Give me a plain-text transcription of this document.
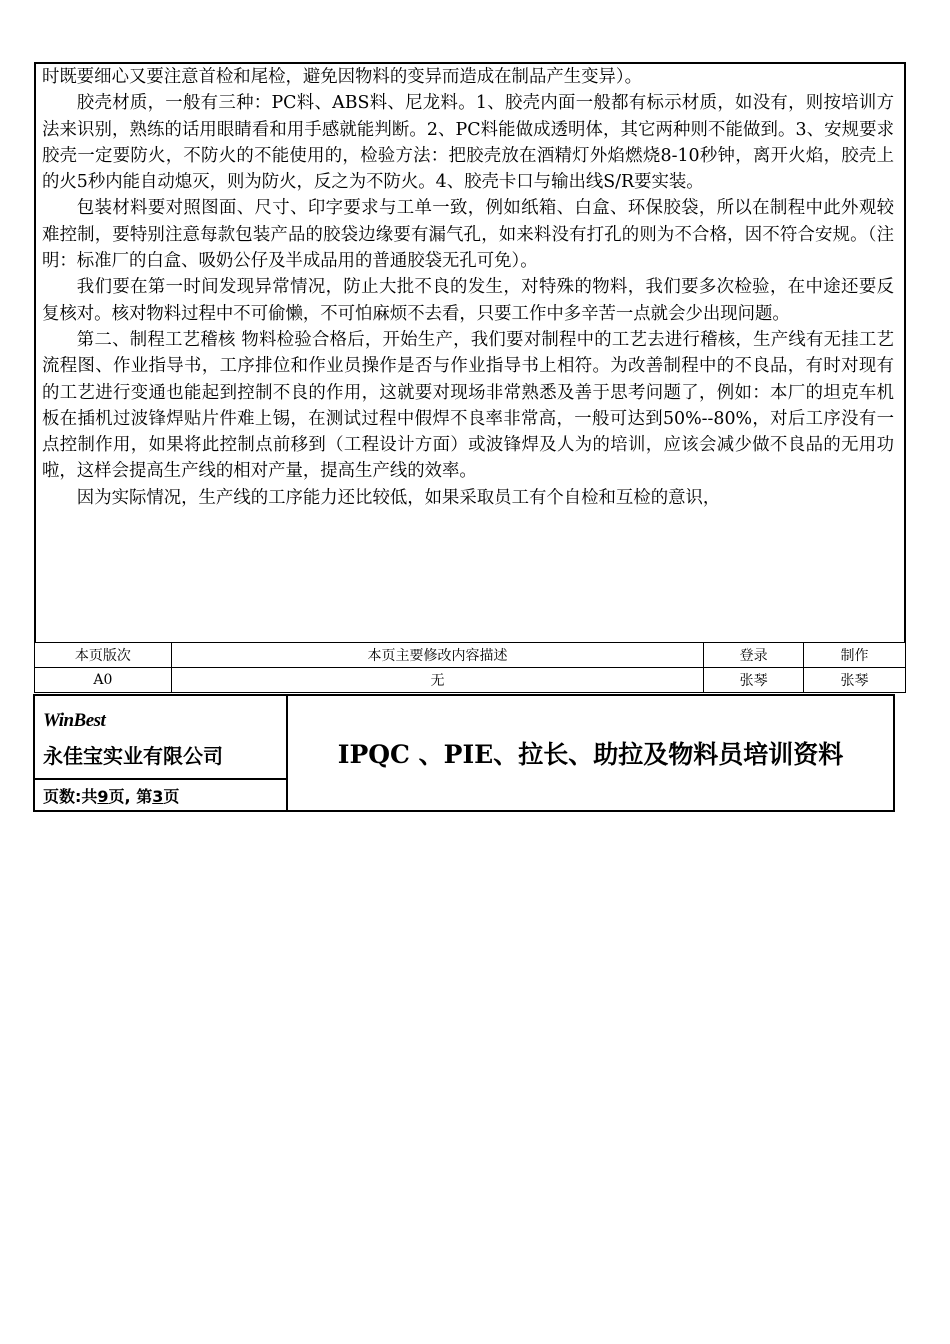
时既要细心又要注意首检和尾检，避免因物料的变异而造成在制品产生变异）。

胶壳材质，一般有三种：PC料、ABS料、尼龙料。1、胶壳内面一般都有标示材质，如没有，则按培训方法来识别，熟练的话用眼睛看和用手感就能判断。2、PC料能做成透明体，其它两种则不能做到。3、安规要求胶壳一定要防火，不防火的不能使用的，检验方法：把胶壳放在酒精灯外焰燃烧8-10秒钟，离开火焰，胶壳上的火5秒内能自动熄灭，则为防火，反之为不防火。4、胶壳卡口与输出线S/R要实装。

包装材料要对照图面、尺寸、印字要求与工单一致，例如纸箱、白盒、环保胶袋，所以在制程中此外观较难控制，要特别注意每款包装产品的胶袋边缘要有漏气孔，如来料没有打孔的则为不合格，因不符合安规。（注明：标准厂的白盒、吸奶公仔及半成品用的普通胶袋无孔可免）。

我们要在第一时间发现异常情况，防止大批不良的发生，对特殊的物料，我们要多次检验，在中途还要反复核对。核对物料过程中不可偷懒，不可怕麻烦不去看，只要工作中多辛苦一点就会少出现问题。

第二、制程工艺稽核 物料检验合格后，开始生产，我们要对制程中的工艺去进行稽核，生产线有无挂工艺流程图、作业指导书，工序排位和作业员操作是否与作业指导书上相符。为改善制程中的不良品，有时对现有的工艺进行变通也能起到控制不良的作用，这就要对现场非常熟悉及善于思考问题了，例如：本厂的坦克车机板在插机过波锋焊贴片件难上锡，在测试过程中假焊不良率非常高，一般可达到50%--80%，对后工序没有一点控制作用，如果将此控制点前移到（工程设计方面）或波锋焊及人为的培训，应该会减少做不良品的无用功啦，这样会提高生产线的相对产量，提高生产线的效率。

因为实际情况，生产线的工序能力还比较低，如果采取员工有个自检和互检的意识，

本页版次	本页主要修改内容描述	登录	制作
A0	无	张琴	张琴
WinBest
永佳宝实业有限公司
页数:共9页, 第3页
IPQC 、PIE、拉长、助拉及物料员培训资料
